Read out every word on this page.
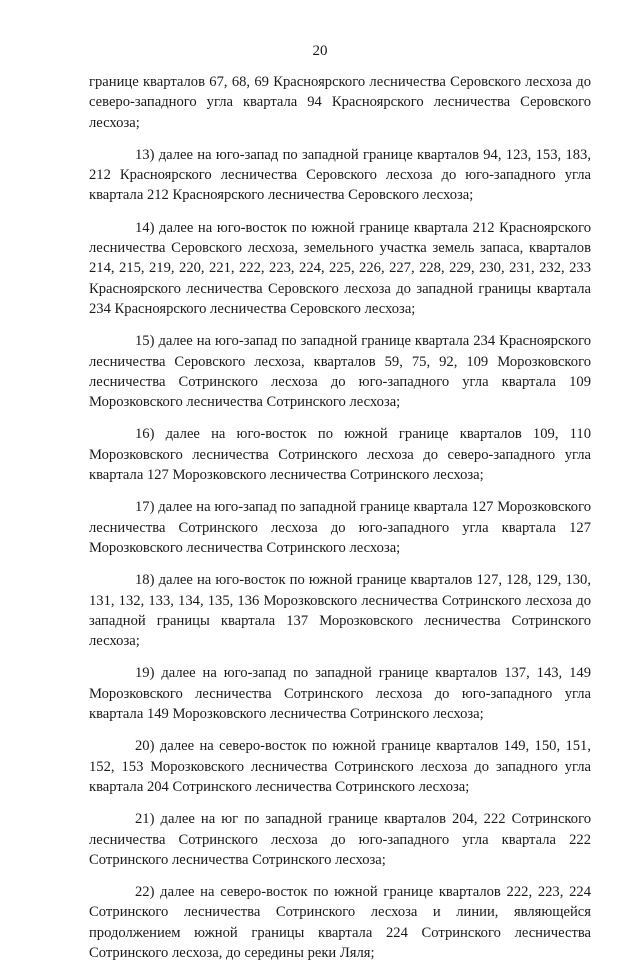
20

границе кварталов 67, 68, 69 Красноярского лесничества Серовского лесхоза до северо-западного угла квартала 94 Красноярского лесничества Серовского лесхоза;

13) далее на юго-запад по западной границе кварталов 94, 123, 153, 183, 212 Красноярского лесничества Серовского лесхоза до юго-западного угла квартала 212 Красноярского лесничества Серовского лесхоза;

14) далее на юго-восток по южной границе квартала 212 Красноярского лесничества Серовского лесхоза, земельного участка земель запаса, кварталов 214, 215, 219, 220, 221, 222, 223, 224, 225, 226, 227, 228, 229, 230, 231, 232, 233 Красноярского лесничества Серовского лесхоза до западной границы квартала 234 Красноярского лесничества Серовского лесхоза;

15) далее на юго-запад по западной границе квартала 234 Красноярского лесничества Серовского лесхоза, кварталов 59, 75, 92, 109 Морозковского лесничества Сотринского лесхоза до юго-западного угла квартала 109 Морозковского лесничества Сотринского лесхоза;

16) далее на юго-восток по южной границе кварталов 109, 110 Морозковского лесничества Сотринского лесхоза до северо-западного угла квартала 127 Морозковского лесничества Сотринского лесхоза;

17) далее на юго-запад по западной границе квартала 127 Морозковского лесничества Сотринского лесхоза до юго-западного угла квартала 127 Морозковского лесничества Сотринского лесхоза;

18) далее на юго-восток по южной границе кварталов 127, 128, 129, 130, 131, 132, 133, 134, 135, 136 Морозковского лесничества Сотринского лесхоза до западной границы квартала 137 Морозковского лесничества Сотринского лесхоза;

19) далее на юго-запад по западной границе кварталов 137, 143, 149 Морозковского лесничества Сотринского лесхоза до юго-западного угла квартала 149 Морозковского лесничества Сотринского лесхоза;

20) далее на северо-восток по южной границе кварталов 149, 150, 151, 152, 153 Морозковского лесничества Сотринского лесхоза до западного угла квартала 204 Сотринского лесничества Сотринского лесхоза;

21) далее на юг по западной границе кварталов 204, 222 Сотринского лесничества Сотринского лесхоза до юго-западного угла квартала 222 Сотринского лесничества Сотринского лесхоза;

22) далее на северо-восток по южной границе кварталов 222, 223, 224 Сотринского лесничества Сотринского лесхоза и линии, являющейся продолжением южной границы квартала 224 Сотринского лесничества Сотринского лесхоза, до середины реки Ляля;
